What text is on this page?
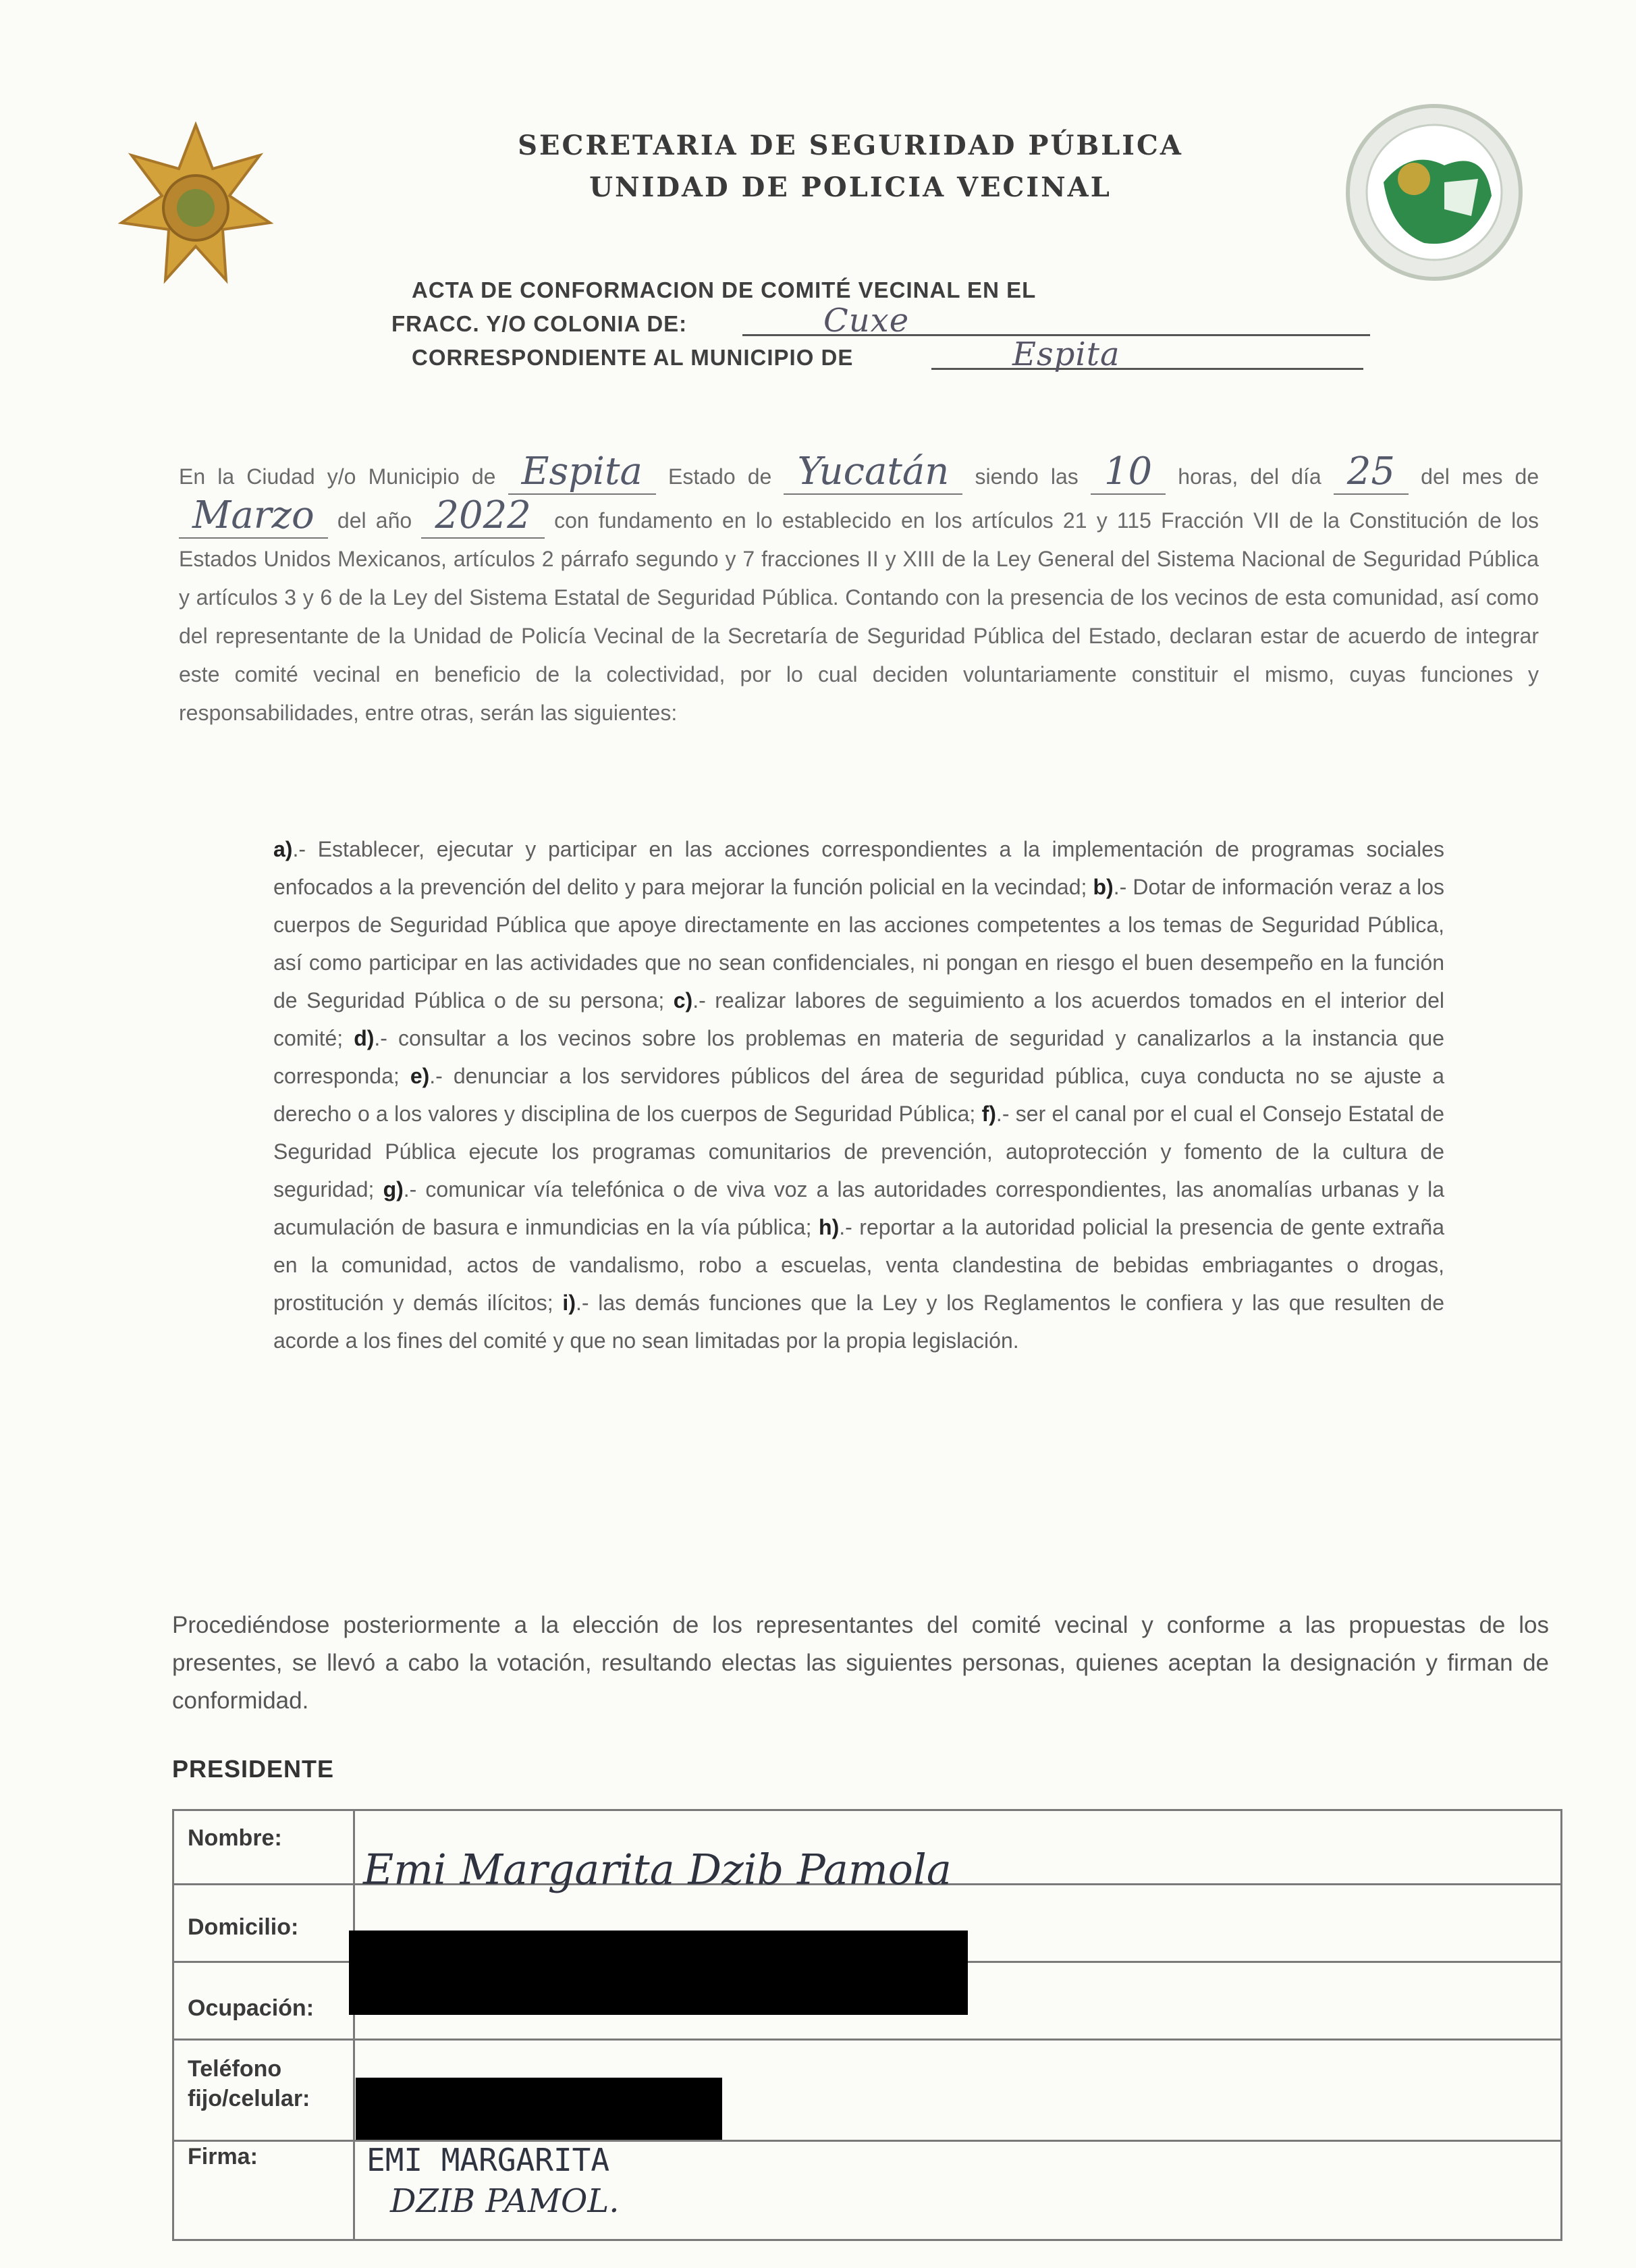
SECRETARIA DE SEGURIDAD PÚBLICA
UNIDAD DE POLICIA VECINAL
ACTA DE CONFORMACION DE COMITÉ VECINAL EN EL
FRACC. Y/O COLONIA DE:	Cuxe
CORRESPONDIENTE AL MUNICIPIO DE	Espita
En la Ciudad y/o Municipio de Espita Estado de Yucatán siendo las 10 horas, del día 25 del mes de Marzo del año 2022 con fundamento en lo establecido en los artículos 21 y 115 Fracción VII de la Constitución de los Estados Unidos Mexicanos, artículos 2 párrafo segundo y 7 fracciones II y XIII de la Ley General del Sistema Nacional de Seguridad Pública y artículos 3 y 6 de la Ley del Sistema Estatal de Seguridad Pública. Contando con la presencia de los vecinos de esta comunidad, así como del representante de la Unidad de Policía Vecinal de la Secretaría de Seguridad Pública del Estado, declaran estar de acuerdo de integrar este comité vecinal en beneficio de la colectividad, por lo cual deciden voluntariamente constituir el mismo, cuyas funciones y responsabilidades, entre otras, serán las siguientes:
a).- Establecer, ejecutar y participar en las acciones correspondientes a la implementación de programas sociales enfocados a la prevención del delito y para mejorar la función policial en la vecindad; b).- Dotar de información veraz a los cuerpos de Seguridad Pública que apoye directamente en las acciones competentes a los temas de Seguridad Pública, así como participar en las actividades que no sean confidenciales, ni pongan en riesgo el buen desempeño en la función de Seguridad Pública o de su persona; c).- realizar labores de seguimiento a los acuerdos tomados en el interior del comité; d).- consultar a los vecinos sobre los problemas en materia de seguridad y canalizarlos a la instancia que corresponda; e).- denunciar a los servidores públicos del área de seguridad pública, cuya conducta no se ajuste a derecho o a los valores y disciplina de los cuerpos de Seguridad Pública; f).- ser el canal por el cual el Consejo Estatal de Seguridad Pública ejecute los programas comunitarios de prevención, autoprotección y fomento de la cultura de seguridad; g).- comunicar vía telefónica o de viva voz a las autoridades correspondientes, las anomalías urbanas y la acumulación de basura e inmundicias en la vía pública; h).- reportar a la autoridad policial la presencia de gente extraña en la comunidad, actos de vandalismo, robo a escuelas, venta clandestina de bebidas embriagantes o drogas, prostitución y demás ilícitos; i).- las demás funciones que la Ley y los Reglamentos le confiera y las que resulten de acorde a los fines del comité y que no sean limitadas por la propia legislación.
Procediéndose posteriormente a la elección de los representantes del comité vecinal y conforme a las propuestas de los presentes, se llevó a cabo la votación, resultando electas las siguientes personas, quienes aceptan la designación y firman de conformidad.
PRESIDENTE
Nombre:
Emi Margarita Dzib Pamola
Domicilio:
Ocupación:
Teléfono
fijo/celular:
Firma:	EMI MARGARITA
DZIB PAMOL.
